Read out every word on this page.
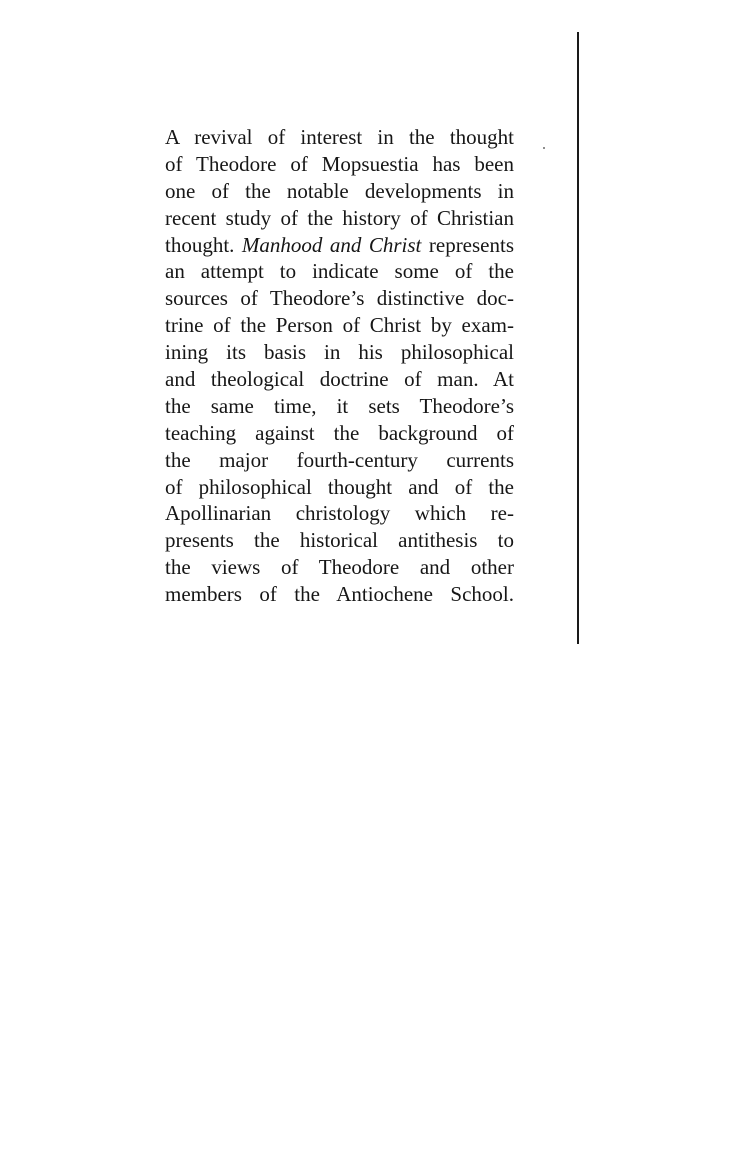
A revival of interest in the thought
of Theodore of Mopsuestia has been
one of the notable developments in
recent study of the history of Christian
thought. Manhood and Christ represents
an attempt to indicate some of the
sources of Theodore’s distinctive doc-
trine of the Person of Christ by exam-
ining its basis in his philosophical
and theological doctrine of man. At
the same time, it sets Theodore’s
teaching against the background of
the major fourth-century currents
of philosophical thought and of the
Apollinarian christology which re-
presents the historical antithesis to
the views of Theodore and other
members of the Antiochene School.
